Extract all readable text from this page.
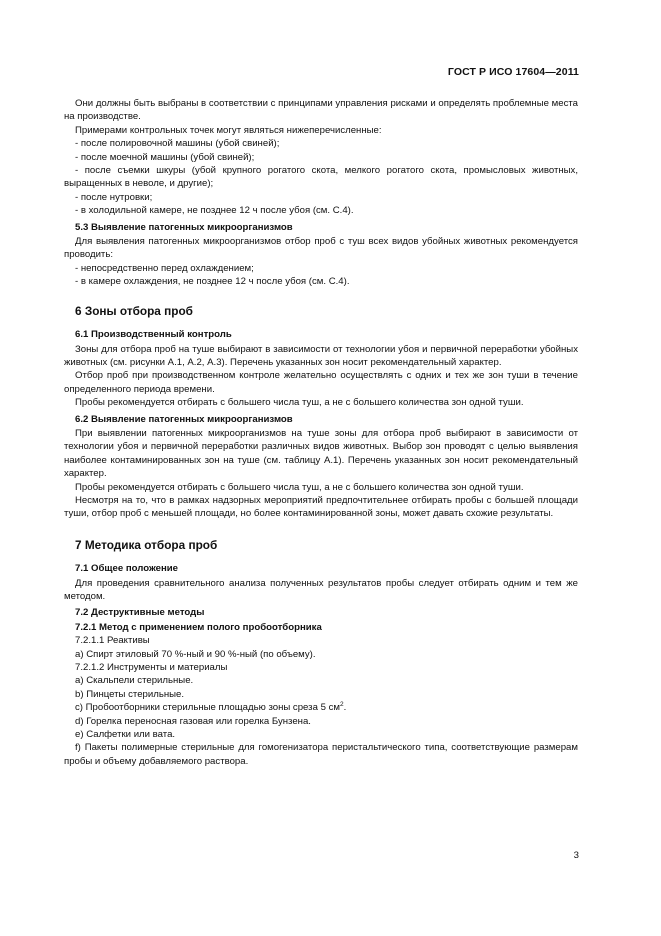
ГОСТ Р ИСО 17604—2011

Они должны быть выбраны в соответствии с принципами управления рисками и определять проблемные места на производстве.

Примерами контрольных точек могут являться нижеперечисленные:

- после полировочной машины (убой свиней);

- после моечной машины (убой свиней);

- после съемки шкуры (убой крупного рогатого скота, мелкого рогатого скота, промысловых животных, выращенных в неволе, и другие);

- после нутровки;

- в холодильной камере, не позднее 12 ч после убоя (см. С.4).

5.3 Выявление патогенных микроорганизмов

Для выявления патогенных микроорганизмов отбор проб с туш всех видов убойных животных рекомендуется проводить:

- непосредственно перед охлаждением;

- в камере охлаждения, не позднее 12 ч после убоя (см. С.4).

6 Зоны отбора проб
6.1 Производственный контроль

Зоны для отбора проб на туше выбирают в зависимости от технологии убоя и первичной переработки убойных животных (см. рисунки А.1, А.2, А.3). Перечень указанных зон носит рекомендательный характер.

Отбор проб при производственном контроле желательно осуществлять с одних и тех же зон туши в течение определенного периода времени.

Пробы рекомендуется отбирать с большего числа туш, а не с большего количества зон одной туши.

6.2 Выявление патогенных микроорганизмов

При выявлении патогенных микроорганизмов на туше зоны для отбора проб выбирают в зависимости от технологии убоя и первичной переработки различных видов животных. Выбор зон проводят с целью выявления наиболее контаминированных зон на туше (см. таблицу А.1). Перечень указанных зон носит рекомендательный характер.

Пробы рекомендуется отбирать с большего числа туш, а не с большего количества зон одной туши.

Несмотря на то, что в рамках надзорных мероприятий предпочтительнее отбирать пробы с большей площади туши, отбор проб с меньшей площади, но более контаминированной зоны, может давать схожие результаты.

7 Методика отбора проб
7.1 Общее положение

Для проведения сравнительного анализа полученных результатов пробы следует отбирать одним и тем же методом.

7.2 Деструктивные методы
7.2.1 Метод с применением полого пробоотборника

7.2.1.1 Реактивы

а) Спирт этиловый 70 %-ный и 90 %-ный (по объему).

7.2.1.2 Инструменты и материалы

а) Скальпели стерильные.

b) Пинцеты стерильные.

c) Пробоотборники стерильные площадью зоны среза 5 $см^2$.

d) Горелка переносная газовая или горелка Бунзена.

е) Салфетки или вата.

f) Пакеты полимерные стерильные для гомогенизатора перистальтического типа, соответствующие размерам пробы и объему добавляемого раствора.

3
